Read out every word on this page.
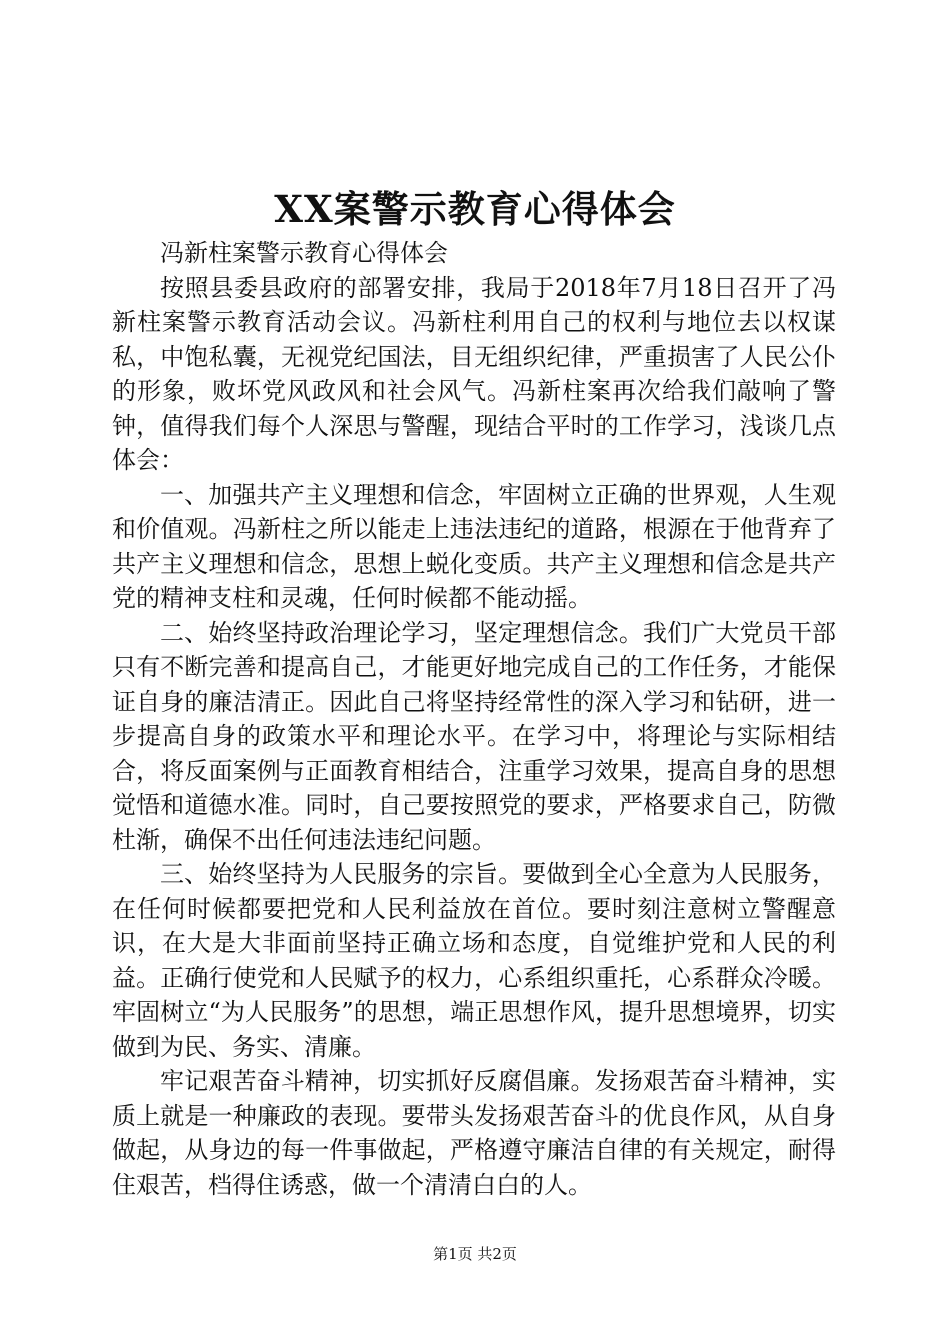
XX案警示教育心得体会

冯新柱案警示教育心得体会

按照县委县政府的部署安排，我局于2018年7月18日召开了冯新柱案警示教育活动会议。冯新柱利用自己的权利与地位去以权谋私，中饱私囊，无视党纪国法，目无组织纪律，严重损害了人民公仆的形象，败坏党风政风和社会风气。冯新柱案再次给我们敲响了警钟，值得我们每个人深思与警醒，现结合平时的工作学习，浅谈几点体会：

一、加强共产主义理想和信念，牢固树立正确的世界观，人生观和价值观。冯新柱之所以能走上违法违纪的道路，根源在于他背弃了共产主义理想和信念，思想上蜕化变质。共产主义理想和信念是共产党的精神支柱和灵魂，任何时候都不能动摇。

二、始终坚持政治理论学习，坚定理想信念。我们广大党员干部只有不断完善和提高自己，才能更好地完成自己的工作任务，才能保证自身的廉洁清正。因此自己将坚持经常性的深入学习和钻研，进一步提高自身的政策水平和理论水平。在学习中，将理论与实际相结合，将反面案例与正面教育相结合，注重学习效果，提高自身的思想觉悟和道德水准。同时，自己要按照党的要求，严格要求自己，防微杜渐，确保不出任何违法违纪问题。

三、始终坚持为人民服务的宗旨。要做到全心全意为人民服务，在任何时候都要把党和人民利益放在首位。要时刻注意树立警醒意识，在大是大非面前坚持正确立场和态度，自觉维护党和人民的利益。正确行使党和人民赋予的权力，心系组织重托，心系群众冷暖。牢固树立“为人民服务”的思想，端正思想作风，提升思想境界，切实做到为民、务实、清廉。

牢记艰苦奋斗精神，切实抓好反腐倡廉。发扬艰苦奋斗精神，实质上就是一种廉政的表现。要带头发扬艰苦奋斗的优良作风，从自身做起，从身边的每一件事做起，严格遵守廉洁自律的有关规定，耐得住艰苦，档得住诱惑，做一个清清白白的人。

第1页 共2页
